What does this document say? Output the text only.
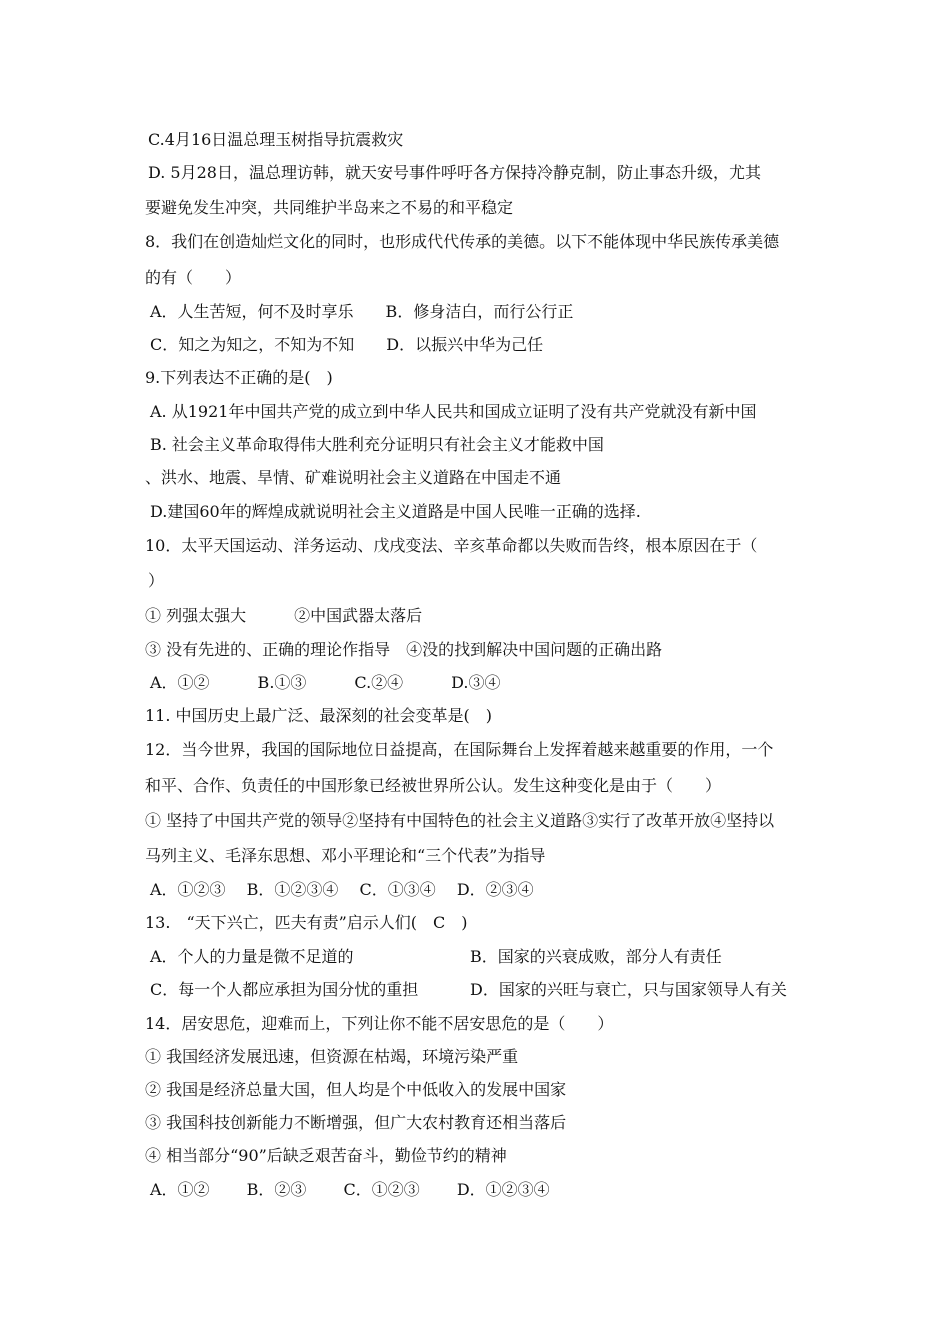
C.4月16日温总理玉树指导抗震救灾
D. 5月28日，温总理访韩，就天安号事件呼吁各方保持冷静克制，防止事态升级，尤其
要避免发生冲突，共同维护半岛来之不易的和平稳定
8．我们在创造灿烂文化的同时，也形成代代传承的美德。以下不能体现中华民族传承美德
的有（　　）
A．人生苦短，何不及时享乐　　B．修身洁白，而行公行正
C．知之为知之，不知为不知　　D．以振兴中华为己任
9.下列表达不正确的是(　)
A. 从1921年中国共产党的成立到中华人民共和国成立证明了没有共产党就没有新中国
B. 社会主义革命取得伟大胜利充分证明只有社会主义才能救中国
、洪水、地震、旱情、矿难说明社会主义道路在中国走不通
D.建国60年的辉煌成就说明社会主义道路是中国人民唯一正确的选择.
10．太平天国运动、洋务运动、戊戌变法、辛亥革命都以失败而告终，根本原因在于（
）
① 列强太强大　　　②中国武器太落后
③ 没有先进的、正确的理论作指导　④没的找到解决中国问题的正确出路
A．①②　　　B.①③　　　C.②④　　　D.③④
11. 中国历史上最广泛、最深刻的社会变革是(　)
12．当今世界，我国的国际地位日益提高，在国际舞台上发挥着越来越重要的作用，一个
和平、合作、负责任的中国形象已经被世界所公认。发生这种变化是由于（　　）
① 坚持了中国共产党的领导②坚持有中国特色的社会主义道路③实行了改革开放④坚持以
马列主义、毛泽东思想、邓小平理论和“三个代表”为指导
A．①②③　 B．①②③④　 C．①③④　 D．②③④
13.　“天下兴亡，匹夫有责”启示人们(　C　)
A．个人的力量是微不足道的	B．国家的兴衰成败，部分人有责任
C．每一个人都应承担为国分忧的重担	D．国家的兴旺与衰亡，只与国家领导人有关
14．居安思危，迎难而上，下列让你不能不居安思危的是（　　）
① 我国经济发展迅速，但资源在枯竭，环境污染严重
② 我国是经济总量大国，但人均是个中低收入的发展中国家
③ 我国科技创新能力不断增强，但广大农村教育还相当落后
④ 相当部分“90”后缺乏艰苦奋斗，勤俭节约的精神
A．①②　　 B．②③　　 C．①②③　　 D．①②③④
